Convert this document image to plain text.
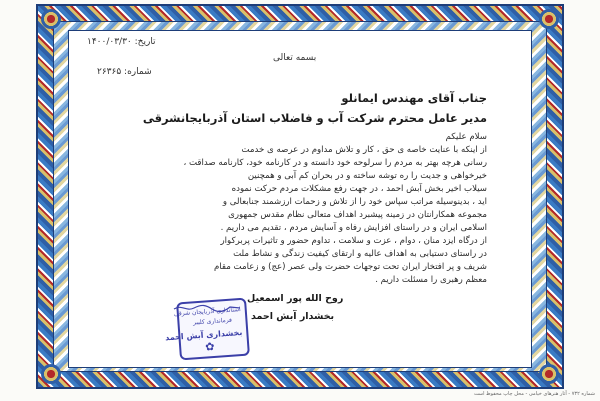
تاریخ: ۱۴۰۰/۰۳/۳۰
شماره: ۲۶۳۶۵
بسمه تعالی
جناب آقای مهندس ایمانلو
مدیر عامل محترم شرکت آب و فاضلاب استان آذربایجانشرقی
سلام علیکم
از اینکه با عنایت خاصه ی حق ، کار و تلاش مداوم در عرصه ی خدمت
رسانی هرچه بهتر به مردم را سرلوحه خود دانسته و در کارنامه خود، کارنامه صداقت ،
خیرخواهی و جدیت را ره توشه ساخته و در بحران کم آبی و همچنین
سیلاب اخیر بخش آبش احمد ، در جهت رفع مشکلات مردم حرکت نموده
اید ، بدینوسیله مراتب سپاس خود را از تلاش و زحمات ارزشمند جنابعالی و
مجموعه همکارانتان در زمینه پیشبرد اهداف متعالی نظام مقدس جمهوری
اسلامی ایران و در راستای افزایش رفاه و آسایش مردم ، تقدیم می داریم .
از درگاه ایزد منان ، دوام ، عزت و سلامت ، تداوم حضور و تاثیرات پربرکوار
در راستای دستیابی به اهداف عالیه و ارتقای کیفیت زندگی و نشاط ملت
شریف و پر افتخار ایران تحت توجهات حضرت ولی عصر (عج) و زعامت مقام
معظم رهبری را مسئلت داریم .
روح الله پور اسمعیل
بخشدار آبش احمد
استانداری آذربایجان شرقی
فرمانداری کلیبر
بخشداری آبش احمد
✿
شماره ۷۳۲ - آثار هنرهای خیامی - محل چاپ محفوظ است
